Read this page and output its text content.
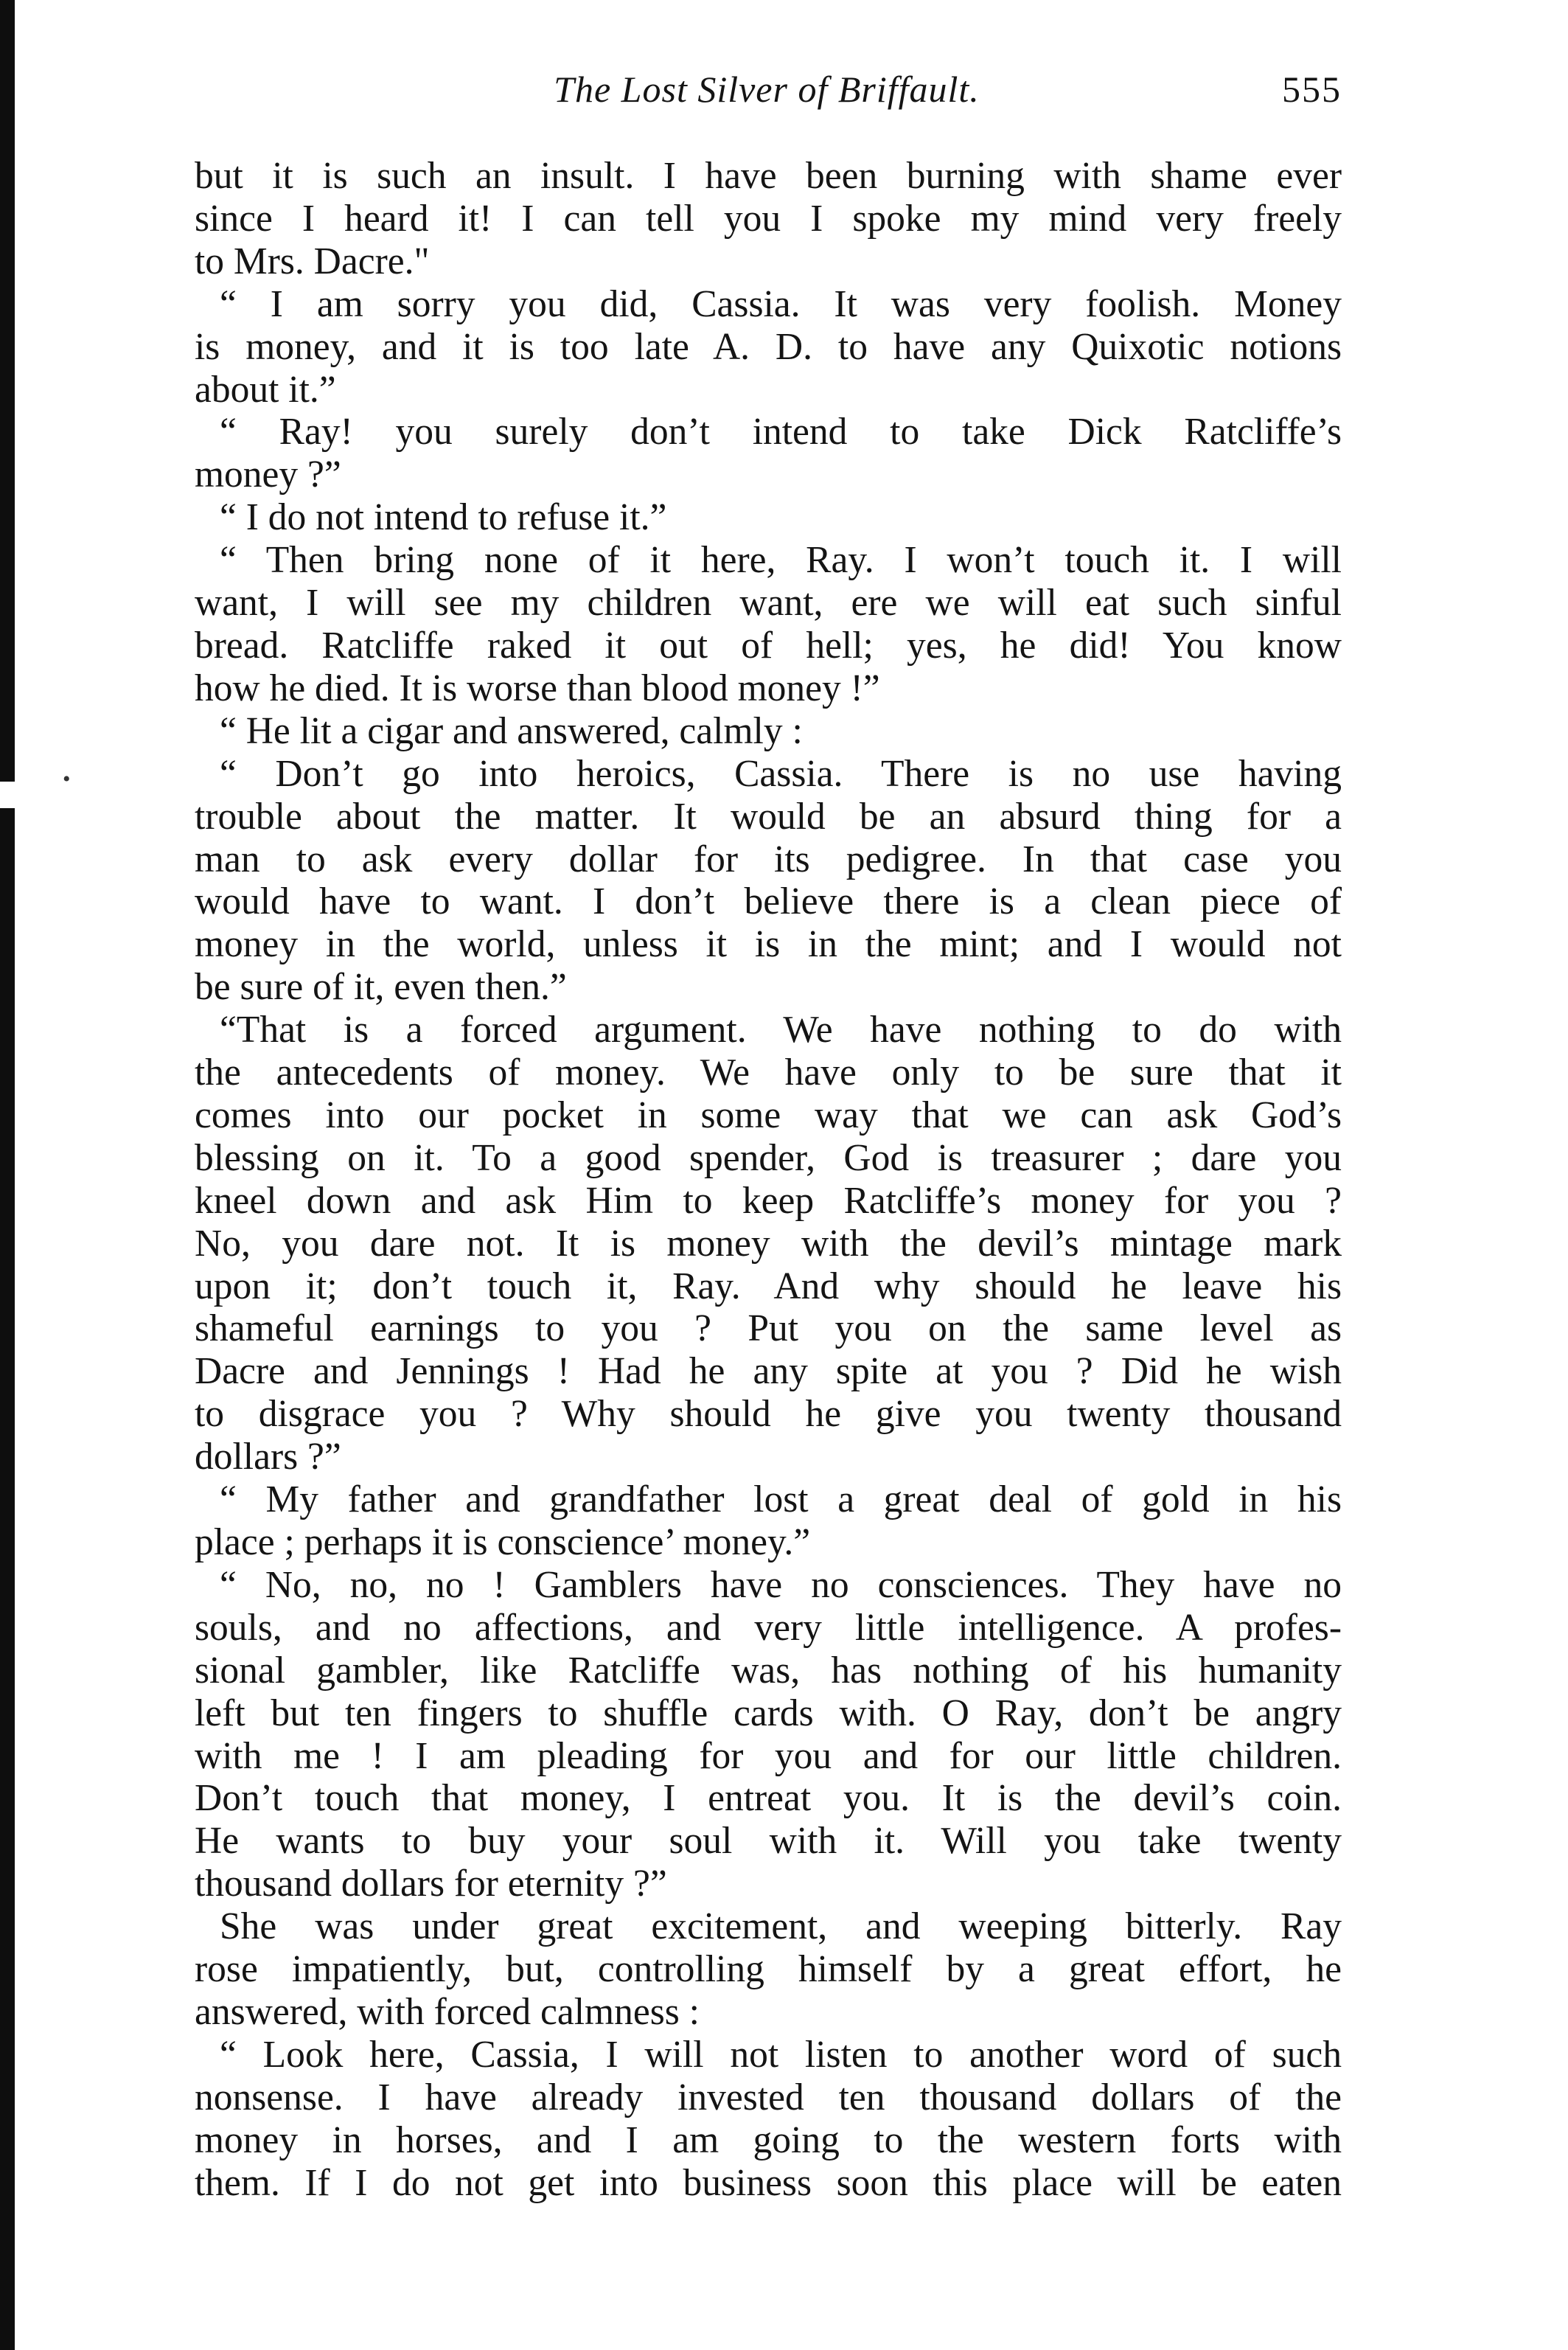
•
The Lost Silver of Briffault.	555

but it is such an insult. I have been burning with shame ever

since I heard it! I can tell you I spoke my mind very freely

to Mrs. Dacre."

“ I am sorry you did, Cassia. It was very foolish. Money

is money, and it is too late A. D. to have any Quixotic notions

about it.”

“ Ray! you surely don’t intend to take Dick Ratcliffe’s

money ?”

“ I do not intend to refuse it.”

“ Then bring none of it here, Ray. I won’t touch it. I will

want, I will see my children want, ere we will eat such sinful

bread. Ratcliffe raked it out of hell; yes, he did! You know

how he died. It is worse than blood money !”

“ He lit a cigar and answered, calmly :

“ Don’t go into heroics, Cassia. There is no use having

trouble about the matter. It would be an absurd thing for a

man to ask every dollar for its pedigree. In that case you

would have to want. I don’t believe there is a clean piece of

money in the world, unless it is in the mint; and I would not

be sure of it, even then.”

“That is a forced argument. We have nothing to do with

the antecedents of money. We have only to be sure that it

comes into our pocket in some way that we can ask God’s

blessing on it. To a good spender, God is treasurer ; dare you

kneel down and ask Him to keep Ratcliffe’s money for you ?

No, you dare not. It is money with the devil’s mintage mark

upon it; don’t touch it, Ray. And why should he leave his

shameful earnings to you ? Put you on the same level as

Dacre and Jennings ! Had he any spite at you ? Did he wish

to disgrace you ? Why should he give you twenty thousand

dollars ?”

“ My father and grandfather lost a great deal of gold in his

place ; perhaps it is conscience’ money.”

“ No, no, no ! Gamblers have no consciences. They have no

souls, and no affections, and very little intelligence. A profes-

sional gambler, like Ratcliffe was, has nothing of his humanity

left but ten fingers to shuffle cards with. O Ray, don’t be angry

with me ! I am pleading for you and for our little children.

Don’t touch that money, I entreat you. It is the devil’s coin.

He wants to buy your soul with it. Will you take twenty

thousand dollars for eternity ?”

She was under great excitement, and weeping bitterly. Ray

rose impatiently, but, controlling himself by a great effort, he

answered, with forced calmness :

“ Look here, Cassia, I will not listen to another word of such

nonsense. I have already invested ten thousand dollars of the

money in horses, and I am going to the western forts with

them. If I do not get into business soon this place will be eaten
